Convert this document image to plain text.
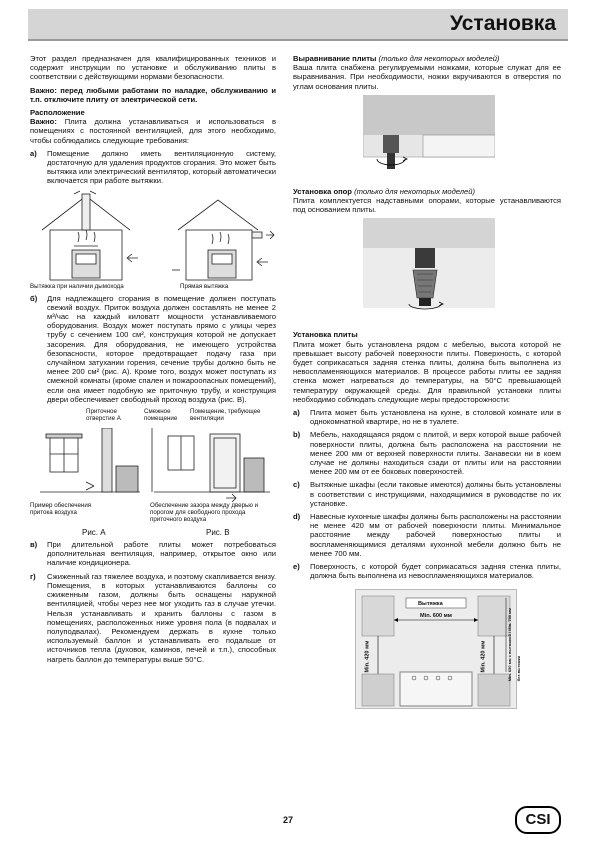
Установка

Этот раздел предназначен для квалифицированных техников и содержит инструкции по установке и обслуживанию плиты в соответствии с действующими нормами безопасности.

Важно: перед любыми работами по наладке, обслуживанию и т.п. отключите плиту от электрической сети.

Расположение

Важно: Плита должна устанавливаться и использоваться в помещениях с постоянной вентиляцией, для этого необходимо, чтобы соблюдались следующие требования:

а) Помещение должно иметь вентиляционную систему, достаточную для удаления продуктов сгорания. Это может быть вытяжка или электрический вентилятор, который автоматически включается при работе вытяжки.
Вытяжка при наличии дымохода	Прямая вытяжка
б) Для надлежащего сгорания в помещение должен поступать свежий воздух. Приток воздуха должен составлять не менее 2 м³/час на каждый киловатт мощности устанавливаемого оборудования. Воздух может поступать прямо с улицы через трубу с сечением 100 см², конструкция которой не допускает засорения. Для оборудования, не имеющего устройства безопасности, которое предотвращает подачу газа при случайном затухании горения, сечение трубы должно быть не менее 200 см² (рис. А). Кроме того, воздух может поступать из смежной комнаты (кроме спален и пожароопасных помещений), если она имеет подобную же приточную трубу, и конструкция двери обеспечивает свободный проход воздуха (рис. В).
Приточное отверстие А
Смежное помещение
Помещение, требующее вентиляции
Пример обеспечения притока воздуха
Обеспечение зазора между дверью и порогом для свободного прохода приточного воздуха
Рис. А	Рис. В
в) При длительной работе плиты может потребоваться дополнительная вентиляция, например, открытое окно или наличие кондиционера.
г) Сжиженный газ тяжелее воздуха, и поэтому скапливается внизу. Помещения, в которых устанавливаются баллоны со сжиженным газом, должны быть оснащены наружной вентиляцией, чтобы через нее мог уходить газ в случае утечки. Нельзя устанавливать и хранить баллоны с газом в помещениях, расположенных ниже уровня пола (в подвалах и полуподвалах). Рекомендуем держать в кухне только используемый баллон и устанавливать его подальше от источников тепла (духовок, каминов, печей и т.п.), способных нагреть баллон до температуры выше 50°С.

Выравнивание плиты (только для некоторых моделей)

Ваша плита снабжена регулируемыми ножками, которые служат для ее выравнивания. При необходимости, ножки вкручиваются в отверстия по углам основания плиты.

Установка опор (только для некоторых моделей)

Плита комплектуется надставными опорами, которые устанавливаются под основанием плиты.

Установка плиты

Плита может быть установлена рядом с мебелью, высота которой не превышает высоту рабочей поверхности плиты. Поверхность, с которой будет соприкасаться задняя стенка плиты, должна быть выполнена из невоспламеняющихся материалов. В процессе работы плиты ее задняя стенка может нагреваться до температуры, на 50°С превышающей температуру окружающей среды. Для правильной установки плиты необходимо соблюдать следующие меры предосторожности:

а) Плита может быть установлена на кухне, в столовой комнате или в однокомнатной квартире, но не в туалете.
b) Мебель, находящаяся рядом с плитой, и верх которой выше рабочей поверхности плиты, должна быть расположена на расстоянии не менее 200 мм от верхней поверхности плиты. Занавески ни в коем случае не должны находиться сзади от плиты или на расстоянии менее 200 мм от ее боковых поверхностей.
c) Вытяжные шкафы (если таковые имеются) должны быть установлены в соответствии с инструкциями, находящимися в руководстве по их установке.
d) Навесные кухонные шкафы должны быть расположены на расстоянии не менее 420 мм от рабочей поверхности плиты. Минимальное расстояние между рабочей поверхностью плиты и воспламеняющимися деталями кухонной мебели должно быть не менее 700 мм.
e) Поверхность, с которой будет соприкасаться задняя стенка плиты, должна быть выполнена из невоспламеняющихся материалов.
Вытяжка
Мin. 600 мм
Мin. 420 мм	Мin. 420 мм	Мin. 650 мм с вытяжкой / Мin. 750 мм без вытяжки
27	CSI
